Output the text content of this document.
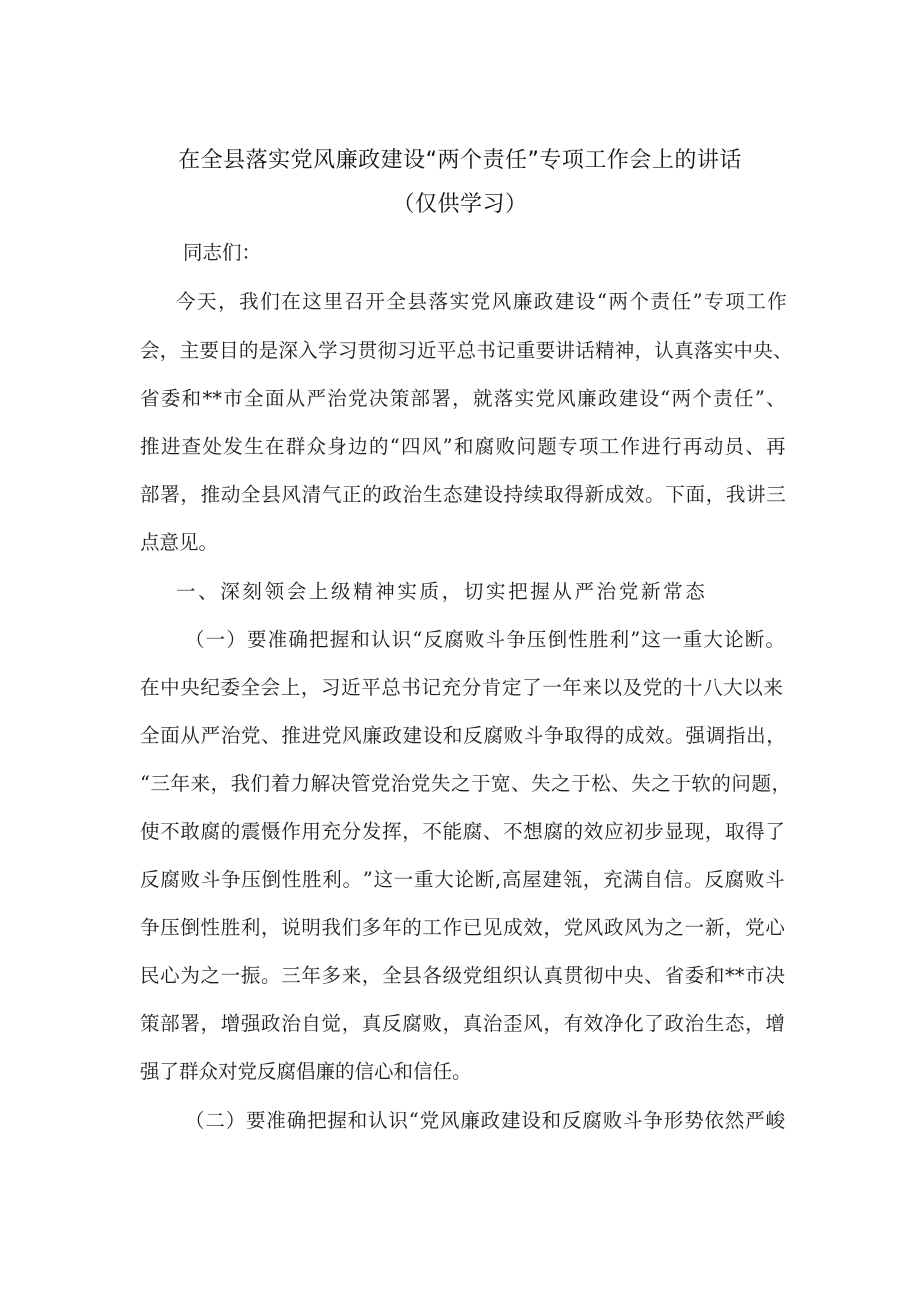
在全县落实党风廉政建设“两个责任”专项工作会上的讲话
（仅供学习）
同志们：
今 天 ， 我 们 在 这 里 召 开 全 县 落 实 党 风 廉 政 建 设 “ 两 个 责 任 ” 专 项 工 作
会 ， 主 要 目 的 是 深 入 学 习 贯 彻 习 近 平 总 书 记 重 要 讲 话 精 神 ， 认 真 落 实 中 央 、
省 委 和 ** 市 全 面 从 严 治 党 决 策 部 署 ， 就 落 实 党 风 廉 政 建 设 “ 两 个 责 任 ” 、
推 进 查 处 发 生 在 群 众 身 边 的 “ 四 风 ” 和 腐 败 问 题 专 项 工 作 进 行 再 动 员 、 再
部 署 ， 推 动 全 县 风 清 气 正 的 政 治 生 态 建 设 持 续 取 得 新 成 效 。 下 面 ， 我 讲 三
点意见。
一 、 深 刻 领 会 上 级 精 神 实 质 ， 切 实 把 握 从 严 治 党 新 常 态
（ 一 ） 要 准 确 把 握 和 认 识 “ 反 腐 败 斗 争 压 倒 性 胜 利 ” 这 一 重 大 论 断 。
在 中 央 纪 委 全 会 上 ， 习 近 平 总 书 记 充 分 肯 定 了 一 年 来 以 及 党 的 十 八 大 以 来
全 面 从 严 治 党 、 推 进 党 风 廉 政 建 设 和 反 腐 败 斗 争 取 得 的 成 效 。 强 调 指 出 ，
“ 三 年 来 ， 我 们 着 力 解 决 管 党 治 党 失 之 于 宽 、 失 之 于 松 、 失 之 于 软 的 问 题 ，
使 不 敢 腐 的 震 慑 作 用 充 分 发 挥 ， 不 能 腐 、 不 想 腐 的 效 应 初 步 显 现 ， 取 得 了
反 腐 败 斗 争 压 倒 性 胜 利 。 ” 这 一 重 大 论 断 , 高 屋 建 瓴 ， 充 满 自 信 。 反 腐 败 斗
争 压 倒 性 胜 利 ， 说 明 我 们 多 年 的 工 作 已 见 成 效 ， 党 风 政 风 为 之 一 新 ， 党 心
民 心 为 之 一 振 。 三 年 多 来 ， 全 县 各 级 党 组 织 认 真 贯 彻 中 央 、 省 委 和 ** 市 决
策 部 署 ， 增 强 政 治 自 觉 ， 真 反 腐 败 ， 真 治 歪 风 ， 有 效 净 化 了 政 治 生 态 ， 增
强了群众对党反腐倡廉的信心和信任。
（ 二 ） 要 准 确 把 握 和 认 识 “ 党 风 廉 政 建 设 和 反 腐 败 斗 争 形 势 依 然 严 峻
